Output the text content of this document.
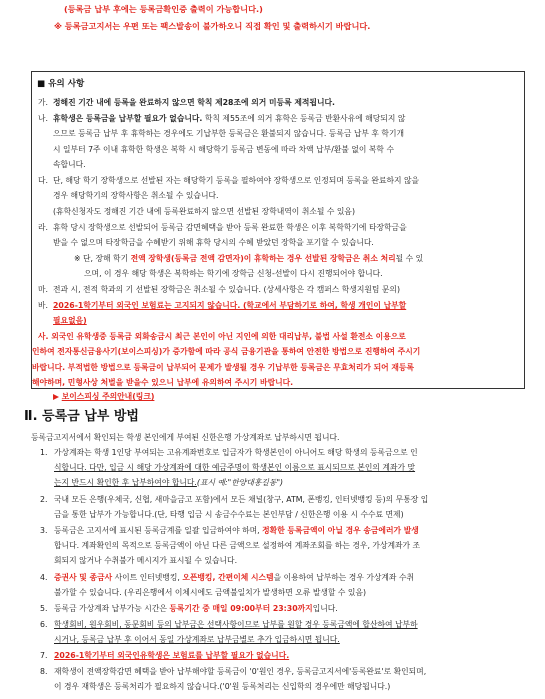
(등록금 납부 후에는 등록금확인증 출력이 가능합니다.)
※ 등록금고지서는 우편 또는 팩스발송이 불가하오니 직접 확인 및 출력하시기 바랍니다.
■ 유의 사항
가. 정해진 기간 내에 등록을 완료하지 않으면 학칙 제28조에 의거 미등록 제적됩니다.
나. 휴학생은 등록금을 납부할 필요가 없습니다. 학칙 제55조에 의거 휴학은 등록금 반환사유에 해당되지 않
으므로 등록금 납부 후 휴학하는 경우에도 기납부한 등록금은 환불되지 않습니다. 등록금 납부 후 학기개
시 일부터 7주 이내 휴학한 학생은 복학 시 해당학기 등록금 변동에 따라 차액 납부/환불 없이 복학 수
속합니다.
다. 단, 해당 학기 장학생으로 선발된 자는 해당학기 등록을 필하여야 장학생으로 인정되며 등록을 완료하지 않을
경우 해당학기의 장학사항은 취소될 수 있습니다.
(휴학신청자도 정해진 기간 내에 등록완료하지 않으면 선발된 장학내역이 취소될 수 있음)
라. 휴학 당시 장학생으로 선발되어 등록금 감면혜택을 받아 등록 완료한 학생은 이후 복학학기에 타장학금을
받을 수 없으며 타장학금을 수혜받기 위해 휴학 당시의 수혜 받았던 장학을 포기할 수 있습니다.
※ 단, 장해 학기 전액 장학생(등록금 전액 감면자)이 휴학하는 경우 선발된 장학금은 취소 처리될 수 있
으며, 이 경우 해당 학생은 복학하는 학기에 장학금 신청-선발이 다시 진행되어야 합니다.
마. 전과 시, 전적 학과의 기 선발된 장학금은 취소될 수 있습니다. (상세사항은 각 캠퍼스 학생지원팀 문의)
바. 2026-1학기부터 외국인 보험료는 고지되지 않습니다. (학교에서 부담하기로 하여, 학생 개인이 납부할
필요없음)
사. 외국인 유학생중 등록금 외화송금시 최근 본인이 아닌 지인에 의한 대리납부, 불법 사설 환전소 이용으로
인하여 전자통신금융사기(보이스피싱)가 증가함에 따라 공식 금융기관을 통하여 안전한 방법으로 진행하여 주시기
바랍니다. 부적법한 방법으로 등록금이 납부되어 문제가 발생될 경우 기납부한 등록금은 무효처리가 되어 재등록
해야하며, 민형사상 처벌을 받을수 있으니 납부에 유의하여 주시기 바랍니다.
▶ 보이스피싱 주의안내(링크)
Ⅱ. 등록금 납부 방법
등록금고지서에서 확인되는 학생 본인에게 부여된 신한은행 가상계좌로 납부하시면 됩니다.
1. 가상계좌는 학생 1인당 부여되는 고유계좌번호로 입금자가 학생본인이 아니어도 해당 학생의 등록금으로 인
식합니다. 다만, 입금 시 해당 가상계좌에 대한 예금주명이 학생본인 이름으로 표시되므로 본인의 계좌가 맞
는지 반드시 확인한 후 납부하여야 합니다.(표시 예:"한양대홍길동")
2. 국내 모든 은행(우체국, 신협, 새마을금고 포함)에서 모든 채널(창구, ATM, 폰뱅킹, 인터넷뱅킹 등)의 무통장 입
금을 통한 납부가 가능합니다.(단, 타행 입금 시 송금수수료는 본인부담 / 신한은행 이용 시 수수료 면제)
3. 등록금은 고지서에 표시된 등록금계를 일괄 입금하여야 하며, 정확한 등록금액이 아닐 경우 송금에러가 발생
합니다. 계좌확인의 목적으로 등록금액이 아닌 다른 금액으로 설정하여 계좌조회를 하는 경우, 가상계좌가 조
회되지 않거나 수취불가 메시지가 표시될 수 있습니다.
4. 증권사 및 종금사 사이트 인터넷뱅킹, 오픈뱅킹, 간편이체 시스템을 이용하여 납부하는 경우 가상계좌 수취
불가할 수 있습니다. (우리은행에서 이체시에도 금액불일치가 발생하면 오류 발생할 수 있음)
5. 등록금 가상계좌 납부가능 시간은 등록기간 중 매일 09:00부터 23:30까지입니다.
6. 학생회비, 원우회비, 동문회비 등의 납부금은 선택사항이므로 납부를 원할 경우 등록금액에 합산하여 납부하
시거나, 등록금 납부 후 이어서 동일 가상계좌로 납부금별로 추가 입금하시면 됩니다.
7. 2026-1학기부터 외국인유학생은 보험료를 납부할 필요가 없습니다.
8. 재학생이 전액장학감면 혜택을 받아 납부해야할 등록금이 '0'원인 경우, 등록금고지서에'등록완료'로 확인되며,
이 경우 재학생은 등록처리가 필요하지 않습니다.('0'원 등록처리는 신입학의 경우에만 해당됩니다.)
